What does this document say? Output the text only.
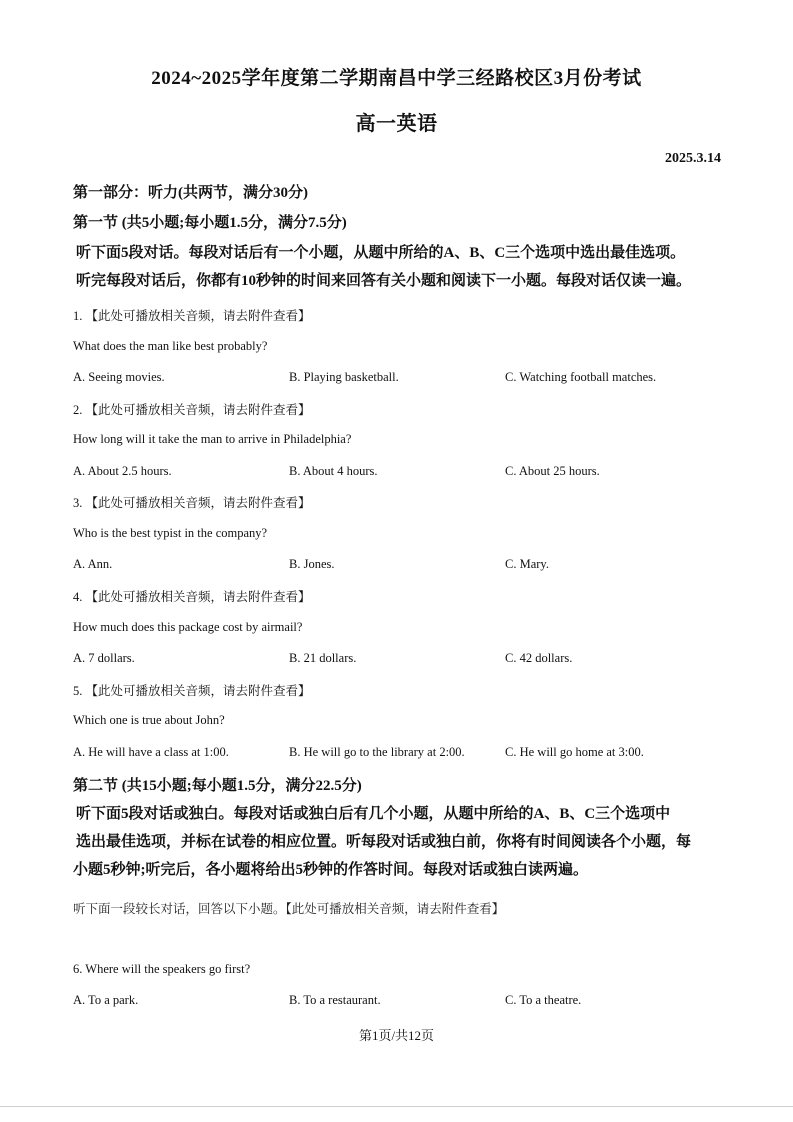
2024~2025学年度第二学期南昌中学三经路校区3月份考试
高一英语
2025.3.14
第一部分：听力(共两节，满分30分)
第一节 (共5小题;每小题1.5分，满分7.5分)
听下面5段对话。每段对话后有一个小题，从题中所给的A、B、C三个选项中选出最佳选项。
听完每段对话后，你都有10秒钟的时间来回答有关小题和阅读下一小题。每段对话仅读一遍。
1. 【此处可播放相关音频，请去附件查看】
What does the man like best probably?
A. Seeing movies.	B. Playing basketball.	C. Watching football matches.
2. 【此处可播放相关音频，请去附件查看】
How long will it take the man to arrive in Philadelphia?
A. About 2.5 hours.	B. About 4 hours.	C. About 25 hours.
3. 【此处可播放相关音频，请去附件查看】
Who is the best typist in the company?
A. Ann.	B. Jones.	C. Mary.
4. 【此处可播放相关音频，请去附件查看】
How much does this package cost by airmail?
A. 7 dollars.	B. 21 dollars.	C. 42 dollars.
5. 【此处可播放相关音频，请去附件查看】
Which one is true about John?
A. He will have a class at 1:00.	B. He will go to the library at 2:00.	C. He will go home at 3:00.
第二节 (共15小题;每小题1.5分，满分22.5分)
听下面5段对话或独白。每段对话或独白后有几个小题，从题中所给的A、B、C三个选项中
选出最佳选项，并标在试卷的相应位置。听每段对话或独白前，你将有时间阅读各个小题，每
小题5秒钟;听完后，各小题将给出5秒钟的作答时间。每段对话或独白读两遍。
听下面一段较长对话，回答以下小题。【此处可播放相关音频，请去附件查看】
6. Where will the speakers go first?
A. To a park.	B. To a restaurant.	C. To a theatre.
第1页/共12页
